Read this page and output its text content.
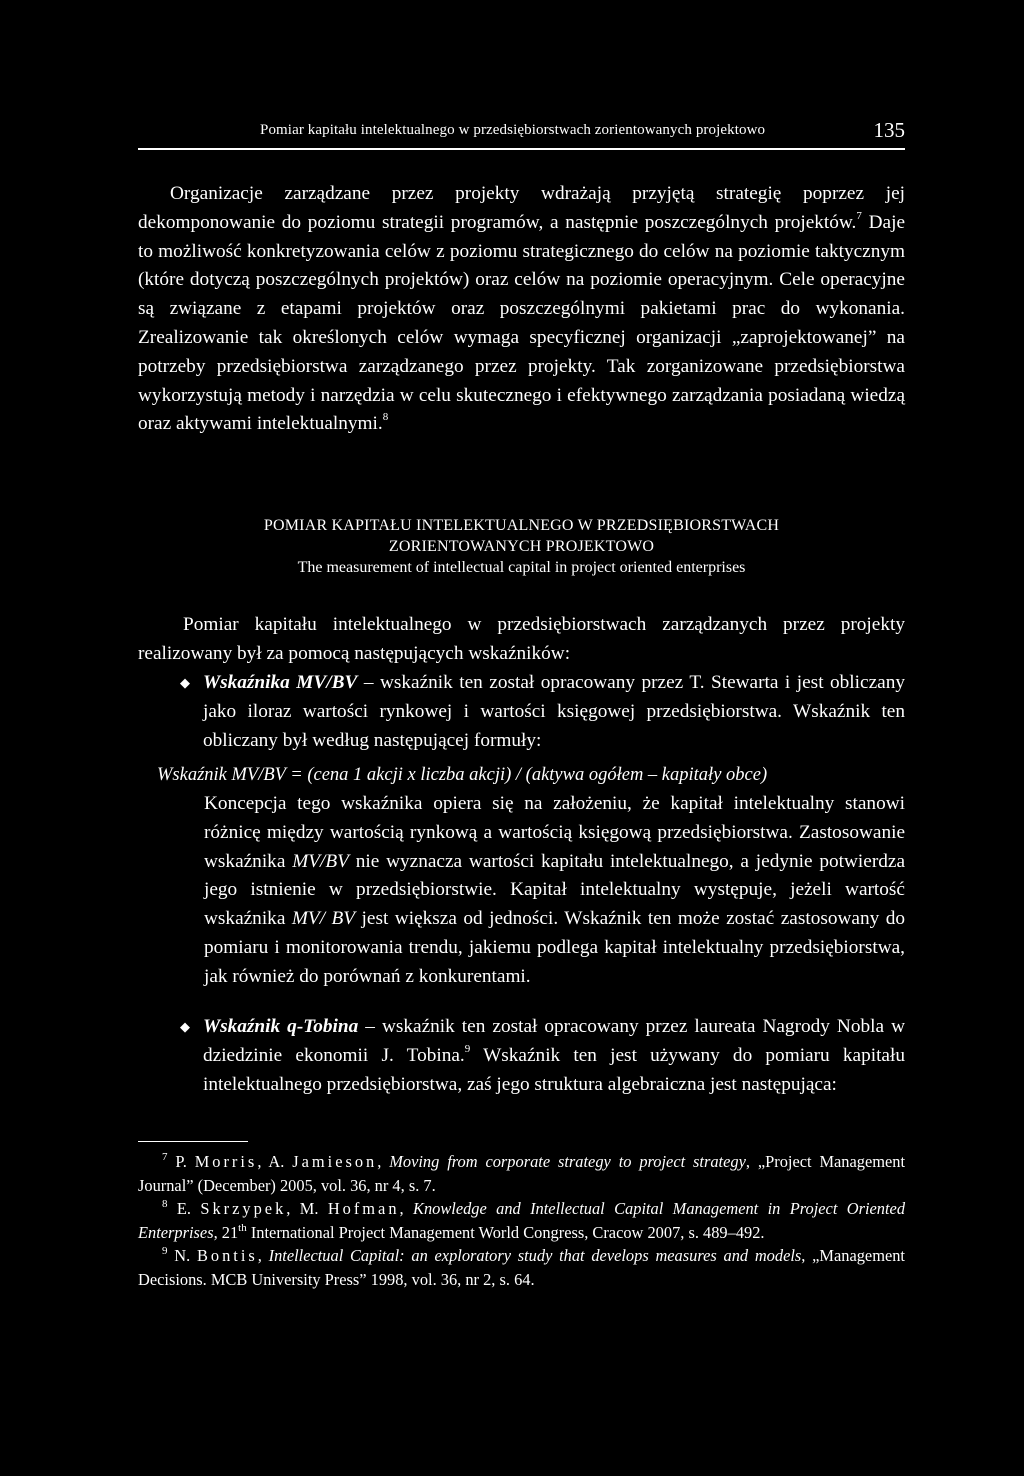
Pomiar kapitału intelektualnego w przedsiębiorstwach zorientowanych projektowo	135
Organizacje zarządzane przez projekty wdrażają przyjętą strategię poprzez jej dekomponowanie do poziomu strategii programów, a następnie poszczególnych projektów.$^7$ Daje to możliwość konkretyzowania celów z poziomu strategicznego do celów na poziomie taktycznym (które dotyczą poszczególnych projektów) oraz celów na poziomie operacyjnym. Cele operacyjne są związane z etapami projektów oraz poszczególnymi pakietami prac do wykonania. Zrealizowanie tak określonych celów wymaga specyficznej organizacji „zaprojektowanej” na potrzeby przedsiębiorstwa zarządzanego przez projekty. Tak zorganizowane przedsiębiorstwa wykorzystują metody i narzędzia w celu skutecznego i efektywnego zarządzania posiadaną wiedzą oraz aktywami intelektualnymi.$^8$
POMIAR KAPITAŁU INTELEKTUALNEGO W PRZEDSIĘBIORSTWACH
ZORIENTOWANYCH PROJEKTOWO
The measurement of intellectual capital in project oriented enterprises
Pomiar kapitału intelektualnego w przedsiębiorstwach zarządzanych przez projekty realizowany był za pomocą następujących wskaźników:
◆ Wskaźnika MV/BV – wskaźnik ten został opracowany przez T. Stewarta i jest obliczany jako iloraz wartości rynkowej i wartości księgowej przedsiębiorstwa. Wskaźnik ten obliczany był według następującej formuły:
Wskaźnik MV/BV = (cena 1 akcji x liczba akcji) / (aktywa ogółem – kapitały obce)
Koncepcja tego wskaźnika opiera się na założeniu, że kapitał intelektualny stanowi różnicę między wartością rynkową a wartością księgową przedsiębiorstwa. Zastosowanie wskaźnika MV/BV nie wyznacza wartości kapitału intelektualnego, a jedynie potwierdza jego istnienie w przedsiębiorstwie. Kapitał intelektualny występuje, jeżeli wartość wskaźnika MV/ BV jest większa od jedności. Wskaźnik ten może zostać zastosowany do pomiaru i monitorowania trendu, jakiemu podlega kapitał intelektualny przedsiębiorstwa, jak również do porównań z konkurentami.
◆ Wskaźnik q-Tobina – wskaźnik ten został opracowany przez laureata Nagrody Nobla w dziedzinie ekonomii J. Tobina.$^9$ Wskaźnik ten jest używany do pomiaru kapitału intelektualnego przedsiębiorstwa, zaś jego struktura algebraiczna jest następująca:
$^7$ P. Morris, A. Jamieson, Moving from corporate strategy to project strategy, „Project Management Journal” (December) 2005, vol. 36, nr 4, s. 7.
$^8$ E. Skrzypek, M. Hofman, Knowledge and Intellectual Capital Management in Project Oriented Enterprises, 21th International Project Management World Congress, Cracow 2007, s. 489–492.
$^9$ N. Bontis, Intellectual Capital: an exploratory study that develops measures and models, „Management Decisions. MCB University Press” 1998, vol. 36, nr 2, s. 64.
